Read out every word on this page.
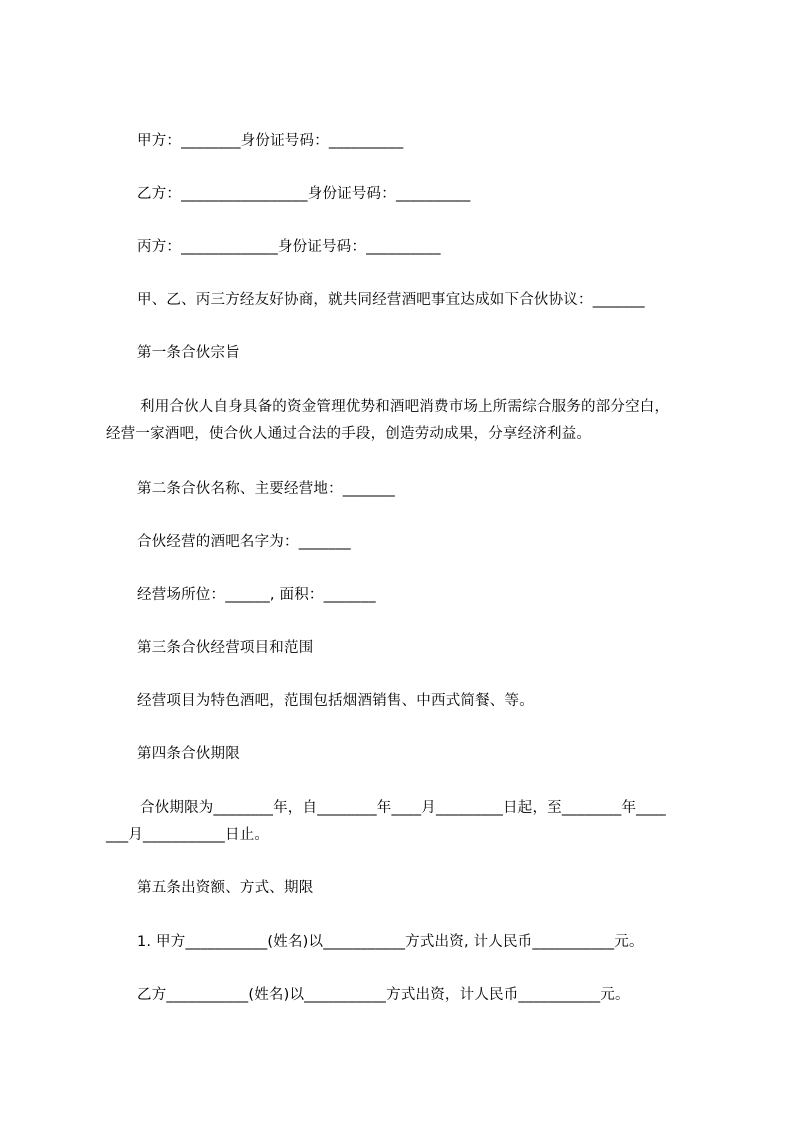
甲方：________身份证号码：__________
乙方：_________________身份证号码：__________
丙方：_____________身份证号码：__________
甲、乙、丙三方经友好协商，就共同经营酒吧事宜达成如下合伙协议：_______
第一条合伙宗旨
利用合伙人自身具备的资金管理优势和酒吧消费市场上所需综合服务的部分空白，
经营一家酒吧，使合伙人通过合法的手段，创造劳动成果，分享经济利益。
第二条合伙名称、主要经营地：_______
合伙经营的酒吧名字为：_______
经营场所位：______, 面积：_______
第三条合伙经营项目和范围
经营项目为特色酒吧，范围包括烟酒销售、中西式简餐、等。
第四条合伙期限
合伙期限为________年，自________年____月_________日起，至________年____
___月___________日止。
第五条出资额、方式、期限
1. 甲方___________(姓名)以___________方式出资, 计人民币___________元。
乙方___________(姓名)以___________方式出资，计人民币___________元。
